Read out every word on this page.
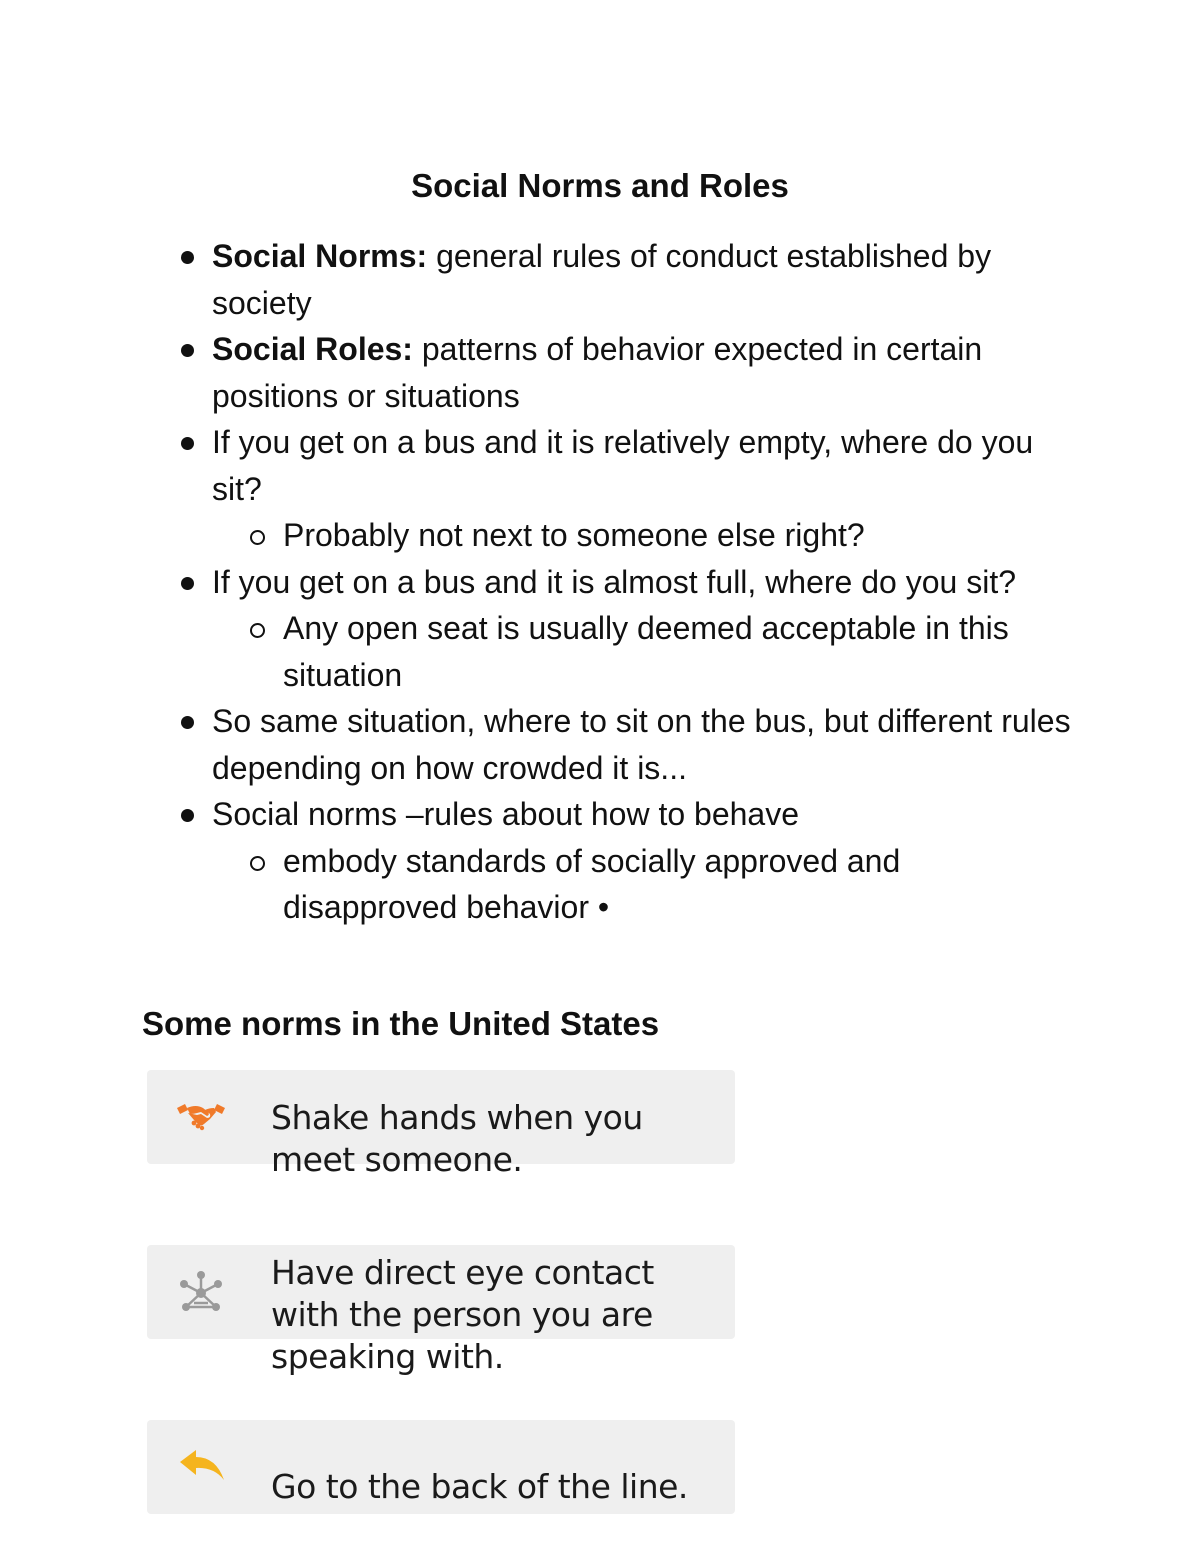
Social Norms and Roles
Social Norms: general rules of conduct established by society
Social Roles: patterns of behavior expected in certain positions or situations
If you get on a bus and it is relatively empty, where do you sit?
Probably not next to someone else right?
If you get on a bus and it is almost full, where do you sit?
Any open seat is usually deemed acceptable in this situation
So same situation, where to sit on the bus, but different rules depending on how crowded it is...
Social norms –rules about how to behave
embody standards of socially approved and disapproved behavior •
Some norms in the United States
Shake hands when you
meet someone.
Have direct eye contact
with the person you are
speaking with.
Go to the back of the line.
